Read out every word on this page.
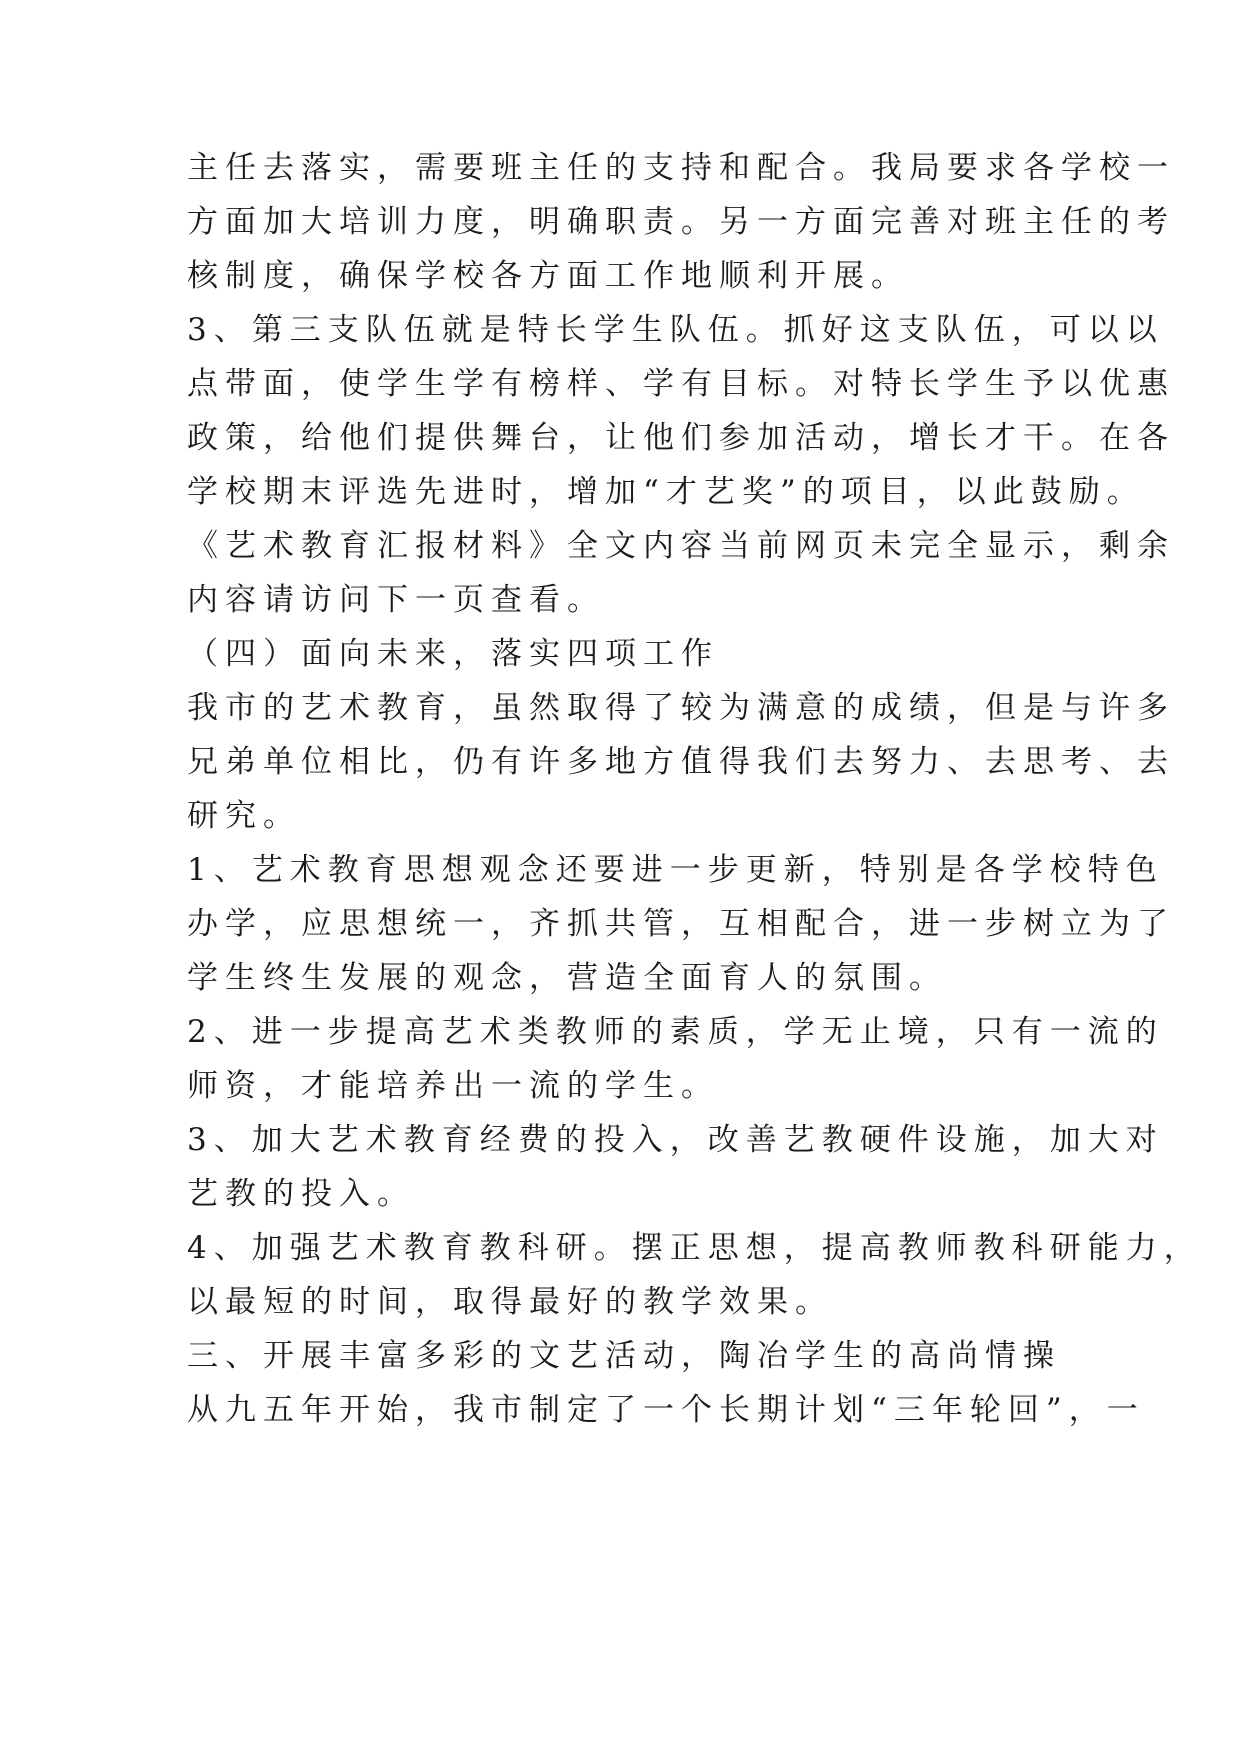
主任去落实，需要班主任的支持和配合。我局要求各学校一
方面加大培训力度，明确职责。另一方面完善对班主任的考
核制度，确保学校各方面工作地顺利开展。
3、第三支队伍就是特长学生队伍。抓好这支队伍，可以以
点带面，使学生学有榜样、学有目标。对特长学生予以优惠
政策，给他们提供舞台，让他们参加活动，增长才干。在各
学校期末评选先进时，增加“才艺奖”的项目，以此鼓励。
《艺术教育汇报材料》全文内容当前网页未完全显示，剩余
内容请访问下一页查看。
（四）面向未来，落实四项工作
我市的艺术教育，虽然取得了较为满意的成绩，但是与许多
兄弟单位相比，仍有许多地方值得我们去努力、去思考、去
研究。
1、艺术教育思想观念还要进一步更新，特别是各学校特色
办学，应思想统一，齐抓共管，互相配合，进一步树立为了
学生终生发展的观念，营造全面育人的氛围。
2、进一步提高艺术类教师的素质，学无止境，只有一流的
师资，才能培养出一流的学生。
3、加大艺术教育经费的投入，改善艺教硬件设施，加大对
艺教的投入。
4、加强艺术教育教科研。摆正思想，提高教师教科研能力，
以最短的时间，取得最好的教学效果。
三、开展丰富多彩的文艺活动，陶冶学生的高尚情操
从九五年开始，我市制定了一个长期计划“三年轮回”，一
